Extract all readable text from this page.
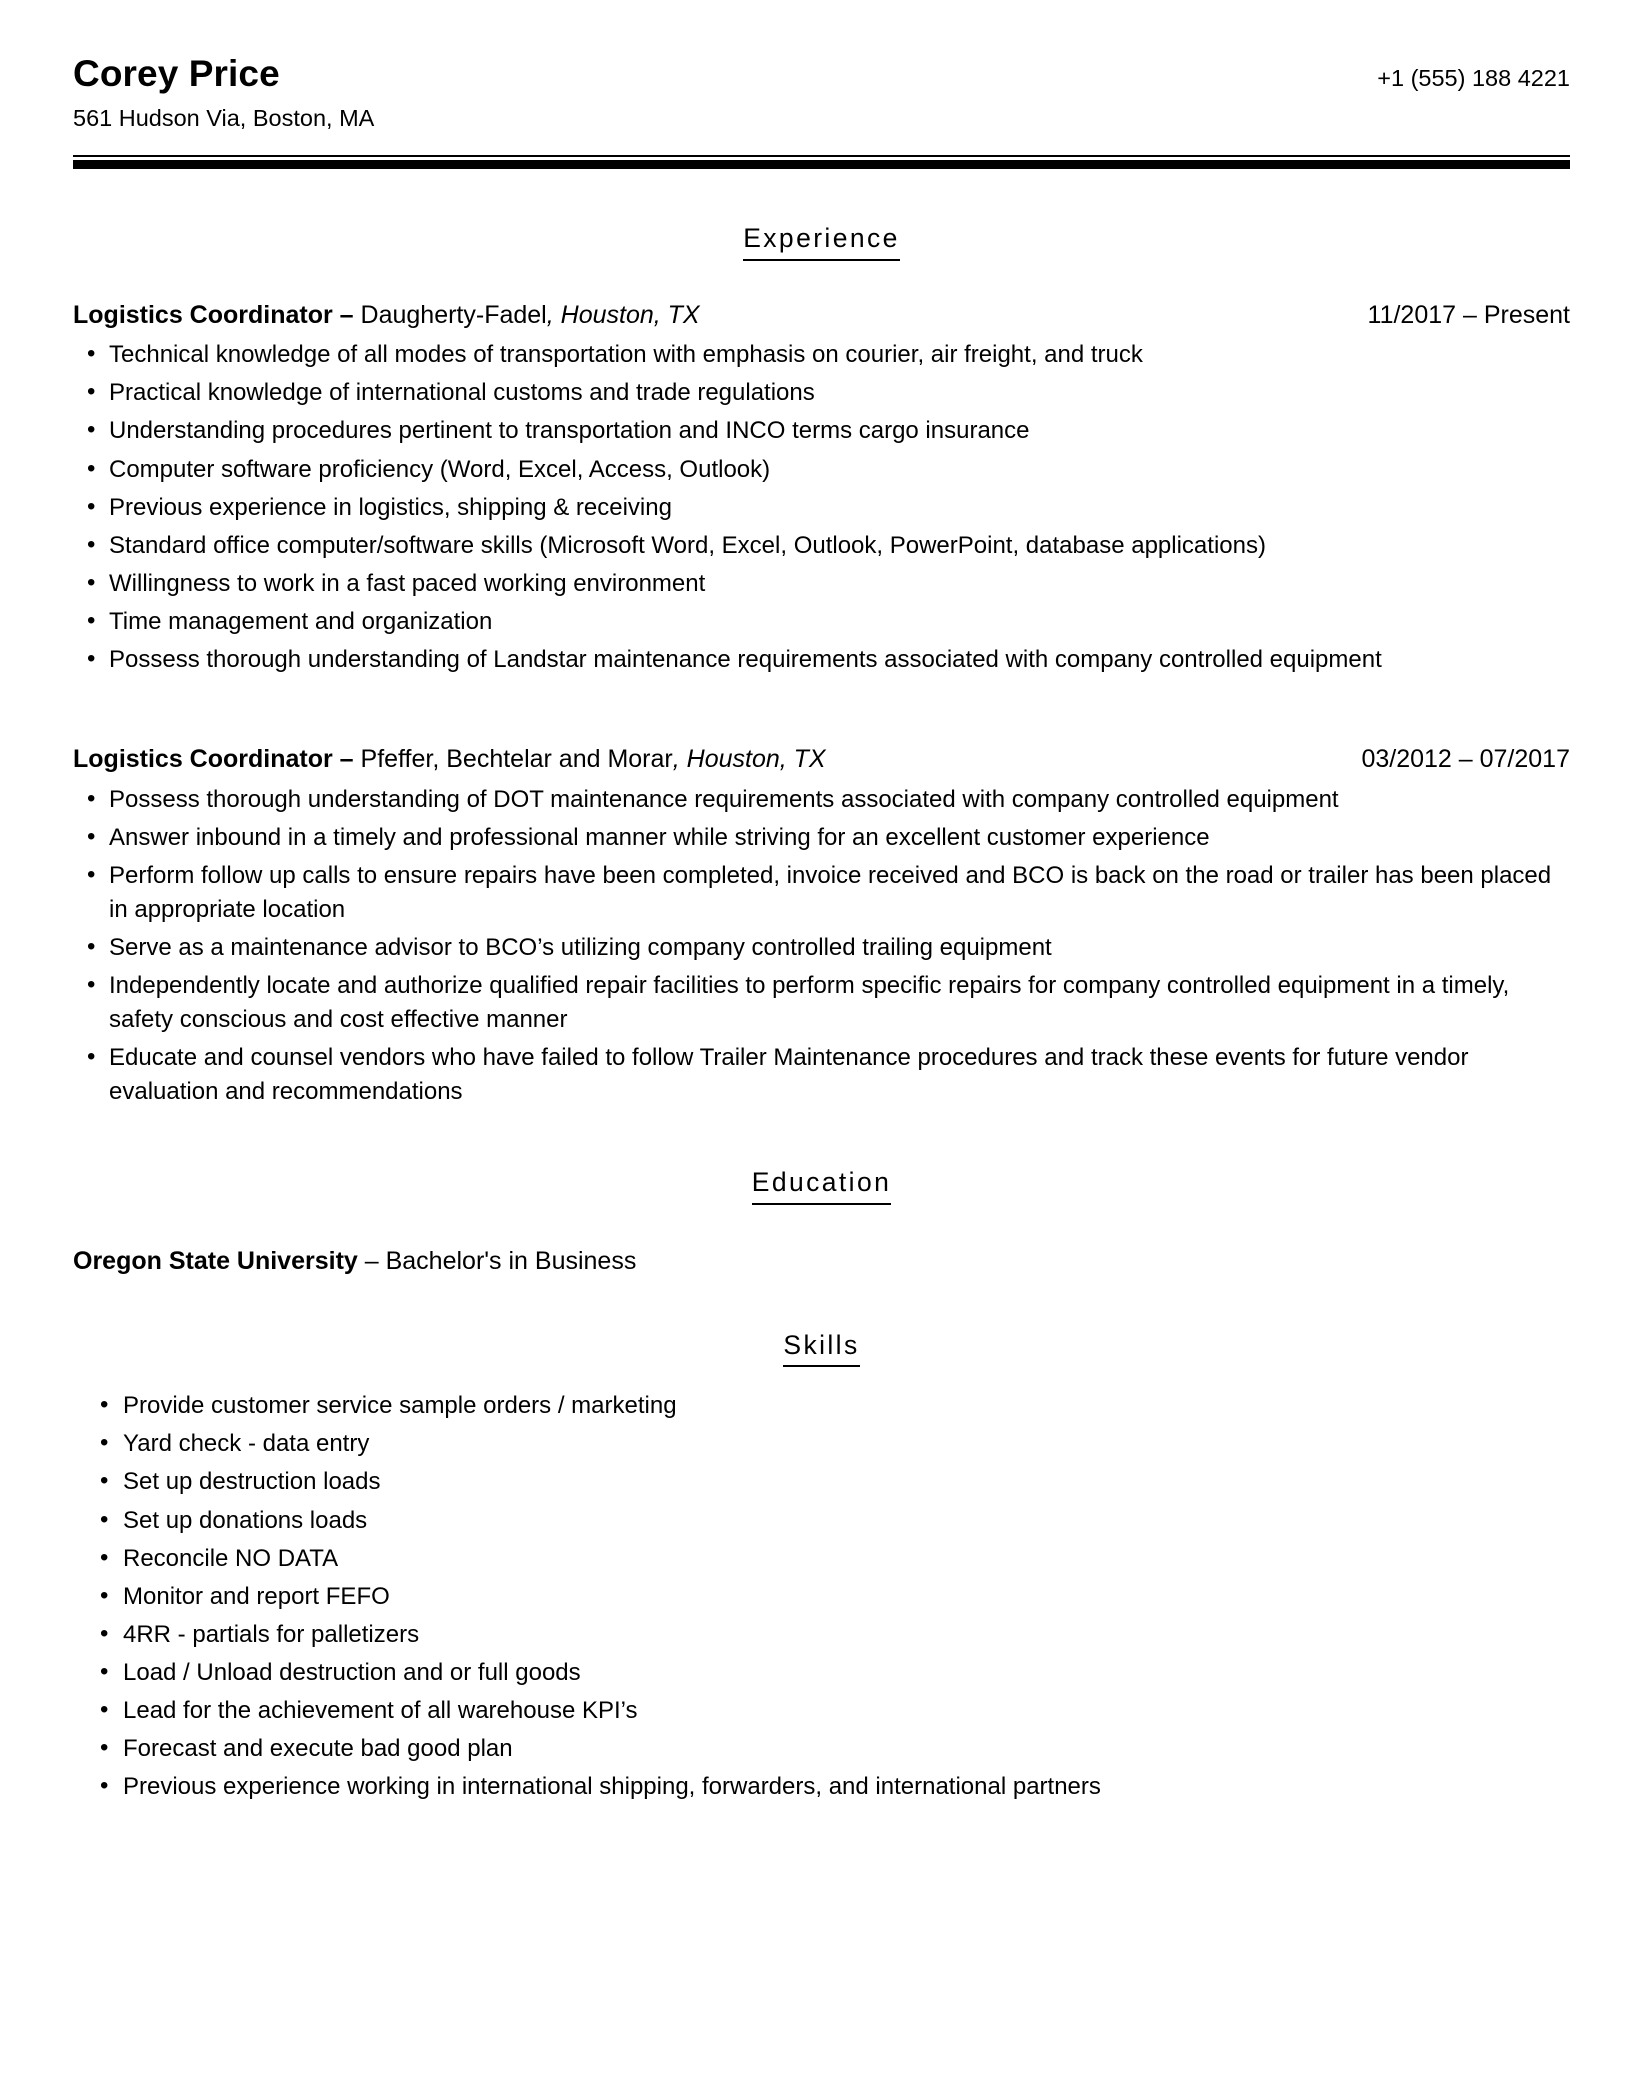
Corey Price
561 Hudson Via, Boston, MA
+1 (555) 188 4221
Experience
Logistics Coordinator – Daugherty-Fadel, Houston, TX	11/2017 – Present
• Technical knowledge of all modes of transportation with emphasis on courier, air freight, and truck
• Practical knowledge of international customs and trade regulations
• Understanding procedures pertinent to transportation and INCO terms cargo insurance
• Computer software proficiency (Word, Excel, Access, Outlook)
• Previous experience in logistics, shipping & receiving
• Standard office computer/software skills (Microsoft Word, Excel, Outlook, PowerPoint, database applications)
• Willingness to work in a fast paced working environment
• Time management and organization
• Possess thorough understanding of Landstar maintenance requirements associated with company controlled equipment
Logistics Coordinator – Pfeffer, Bechtelar and Morar, Houston, TX	03/2012 – 07/2017
• Possess thorough understanding of DOT maintenance requirements associated with company controlled equipment
• Answer inbound in a timely and professional manner while striving for an excellent customer experience
• Perform follow up calls to ensure repairs have been completed, invoice received and BCO is back on the road or trailer has been placed in appropriate location
• Serve as a maintenance advisor to BCO’s utilizing company controlled trailing equipment
• Independently locate and authorize qualified repair facilities to perform specific repairs for company controlled equipment in a timely, safety conscious and cost effective manner
• Educate and counsel vendors who have failed to follow Trailer Maintenance procedures and track these events for future vendor evaluation and recommendations
Education
Oregon State University – Bachelor's in Business
Skills
• Provide customer service sample orders / marketing
• Yard check - data entry
• Set up destruction loads
• Set up donations loads
• Reconcile NO DATA
• Monitor and report FEFO
• 4RR - partials for palletizers
• Load / Unload destruction and or full goods
• Lead for the achievement of all warehouse KPI’s
• Forecast and execute bad good plan
• Previous experience working in international shipping, forwarders, and international partners
